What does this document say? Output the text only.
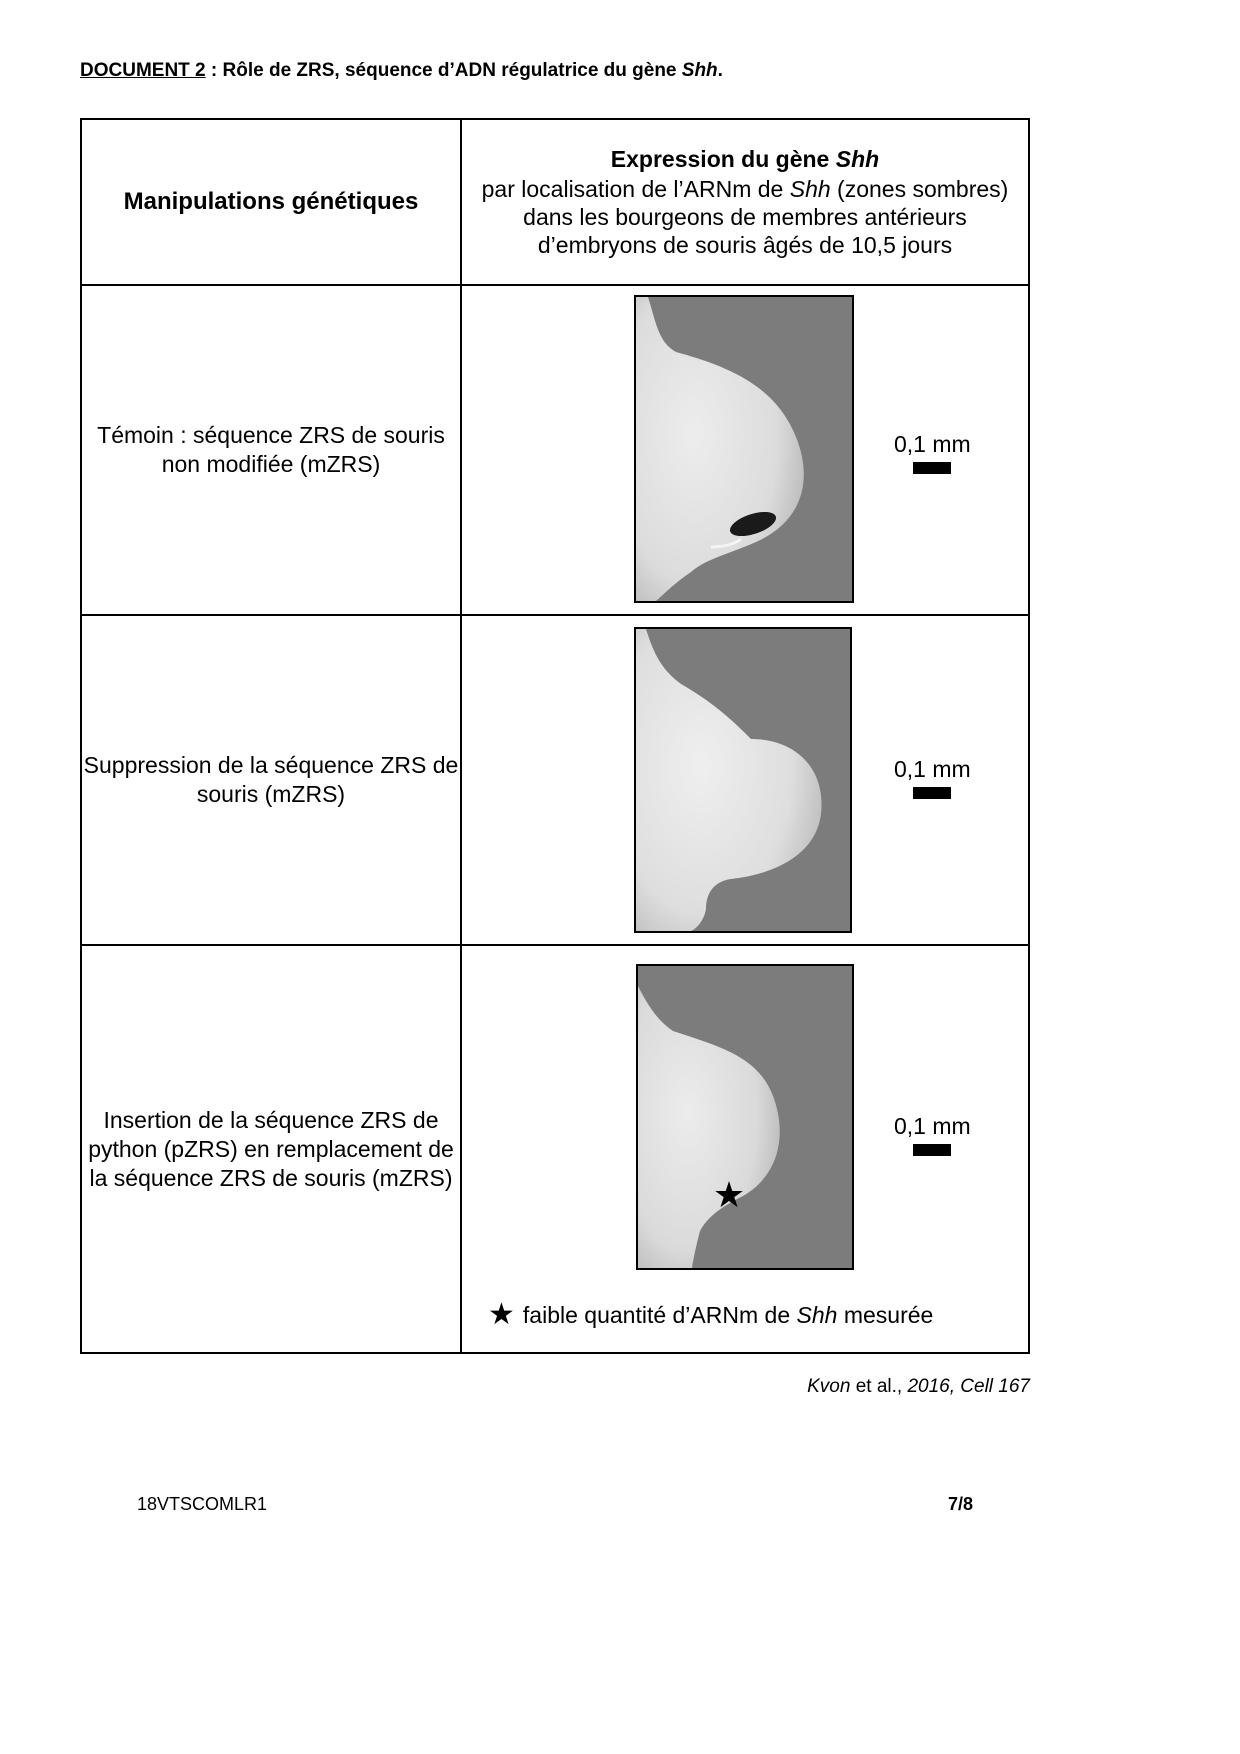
DOCUMENT 2 : Rôle de ZRS, séquence d’ADN régulatrice du gène Shh.
Manipulations génétiques	Expression du gène Shh
par localisation de l’ARNm de Shh (zones sombres) dans les bourgeons de membres antérieurs d’embryons de souris âgés de 10,5 jours

Témoin : séquence ZRS de souris non modifiée (mZRS)	0,1 mm

Suppression de la séquence ZRS de souris (mZRS)	0,1 mm

Insertion de la séquence ZRS de python (pZRS) en remplacement de la séquence ZRS de souris (mZRS)	★
0,1 mm
★ faible quantité d’ARNm de Shh mesurée
Kvon et al., 2016, Cell 167
18VTSCOMLR1	7/8
